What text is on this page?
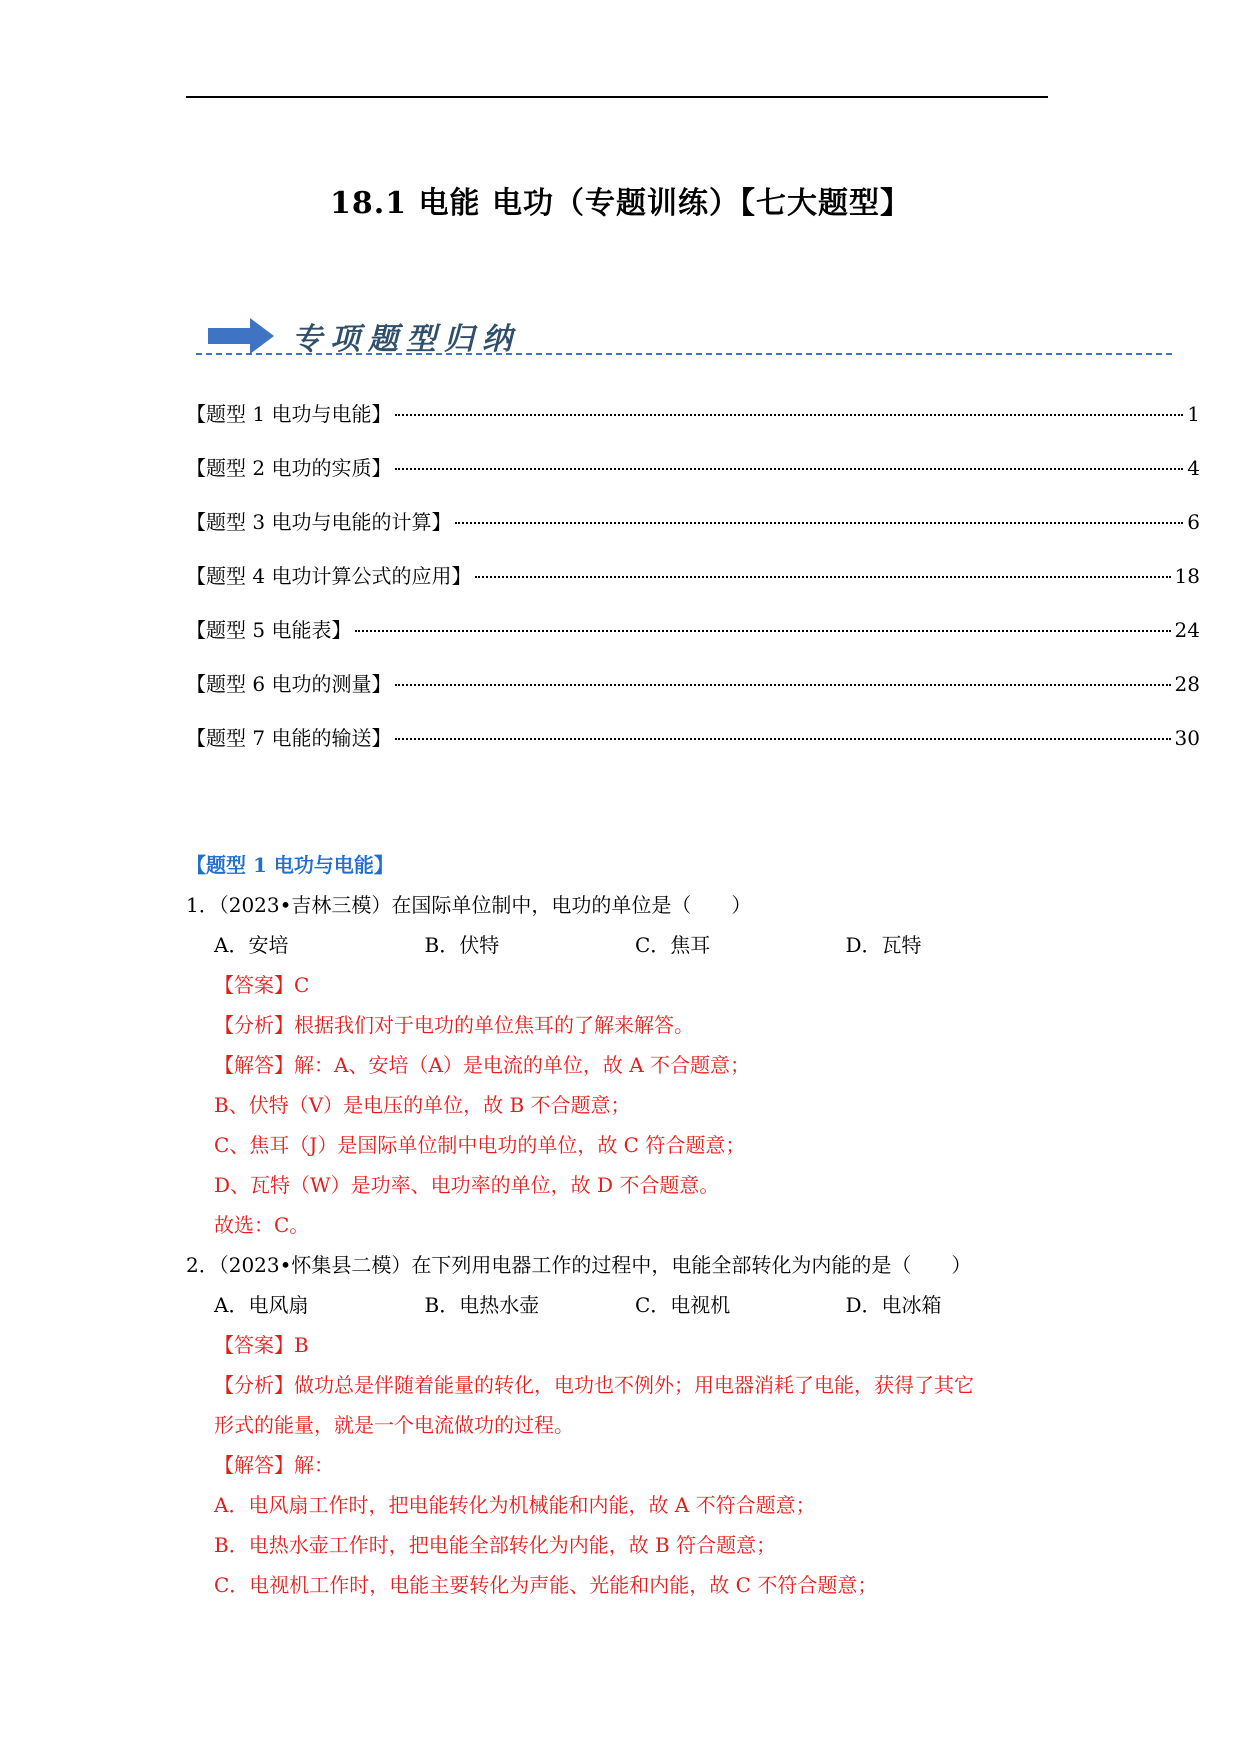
18.1 电能 电功（专题训练）【七大题型】
专项题型归纳
【题型 1 电功与电能】	1
【题型 2 电功的实质】	4
【题型 3 电功与电能的计算】	6
【题型 4 电功计算公式的应用】	18
【题型 5 电能表】	24
【题型 6 电功的测量】	28
【题型 7 电能的输送】	30
【题型 1 电功与电能】
1．（2023•吉林三模）在国际单位制中，电功的单位是（　　）
A．安培	B．伏特	C．焦耳	D．瓦特
【答案】C
【分析】根据我们对于电功的单位焦耳的了解来解答。
【解答】解：A、安培（A）是电流的单位，故 A 不合题意；
B、伏特（V）是电压的单位，故 B 不合题意；
C、焦耳（J）是国际单位制中电功的单位，故 C 符合题意；
D、瓦特（W）是功率、电功率的单位，故 D 不合题意。
故选：C。
2．（2023•怀集县二模）在下列用电器工作的过程中，电能全部转化为内能的是（　　）
A．电风扇	B．电热水壶	C．电视机	D．电冰箱
【答案】B
【分析】做功总是伴随着能量的转化，电功也不例外；用电器消耗了电能，获得了其它
形式的能量，就是一个电流做功的过程。
【解答】解：
A．电风扇工作时，把电能转化为机械能和内能，故 A 不符合题意；
B．电热水壶工作时，把电能全部转化为内能，故 B 符合题意；
C．电视机工作时，电能主要转化为声能、光能和内能，故 C 不符合题意；
